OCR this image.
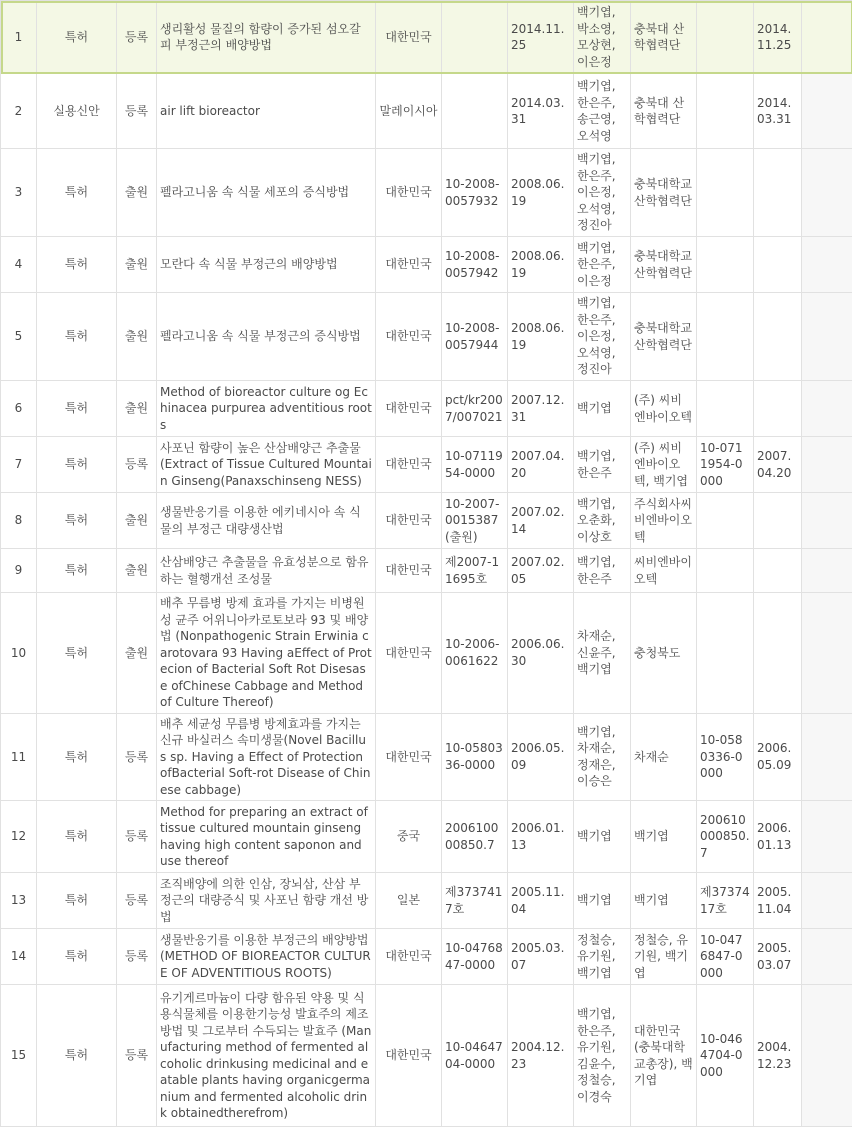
1	특허	등록	생리활성 물질의 함량이 증가된 섬오갈피 부정근의 배양방법	대한민국		2014.11.25	백기엽, 박소영, 모상현, 이은정	충북대 산학협력단		2014.11.25	
2	실용신안	등록	air lift bioreactor	말레이시아		2014.03.31	백기엽, 한은주, 송근영, 오석영	충북대 산학협력단		2014.03.31	
3	특허	출원	펠라고니움 속 식물 세포의 증식방법	대한민국	10-2008-0057932	2008.06.19	백기엽, 한은주, 이은정, 오석영, 정진아	충북대학교 산학협력단			
4	특허	출원	모란다 속 식물 부정근의 배양방법	대한민국	10-2008-0057942	2008.06.19	백기엽, 한은주, 이은정	충북대학교 산학협력단			
5	특허	출원	펠라고니움 속 식물 부정근의 증식방법	대한민국	10-2008-0057944	2008.06.19	백기엽, 한은주, 이은정, 오석영, 정진아	충북대학교 산학협력단			
6	특허	출원	Method of bioreactor culture og Echinacea purpurea adventitious roots	대한민국	pct/kr2007/007021	2007.12.31	백기엽	(주) 씨비엔바이오텍			
7	특허	등록	사포닌 함량이 높은 산삼배양근 추출물 (Extract of Tissue Cultured Mountain Ginseng(Panaxschinseng NESS)	대한민국	10-0711954-0000	2007.04.20	백기엽, 한은주	(주) 씨비엔바이오텍, 백기엽	10-0711954-0000	2007.04.20	
8	특허	출원	생물반응기를 이용한 에키네시아 속 식물의 부정근 대량생산법	대한민국	10-2007-0015387(출원)	2007.02.14	백기엽, 오춘화, 이상호	주식회사씨비엔바이오텍			
9	특허	출원	산삼배양근 추출물을 유효성분으로 함유하는 혈행개선 조성물	대한민국	제2007-11695호	2007.02.05	백기엽, 한은주	씨비엔바이오텍			
10	특허	출원	배추 무름병 방제 효과를 가지는 비병원성 균주 어위니아카로토보라 93 및 배양법 (Nonpathogenic Strain Erwinia carotovara 93 Having aEffect of Protecion of Bacterial Soft Rot Disesase ofChinese Cabbage and Method of Culture Thereof)	대한민국	10-2006-0061622	2006.06.30	차재순, 신윤주, 백기엽	충청북도			
11	특허	등록	배추 세균성 무름병 방제효과를 가지는 신규 바실러스 속미생물(Novel Bacillus sp. Having a Effect of Protection ofBacterial Soft-rot Disease of Chinese cabbage)	대한민국	10-0580336-0000	2006.05.09	백기엽, 차재순, 정재은, 이승은	차재순	10-0580336-0000	2006.05.09	
12	특허	등록	Method for preparing an extract of tissue cultured mountain ginseng having high content saponon and use thereof	중국	200610000850.7	2006.01.13	백기엽	백기엽	200610000850.7	2006.01.13	
13	특허	등록	조직배양에 의한 인삼, 장뇌삼, 산삼 부정근의 대량증식 및 사포닌 함량 개선 방법	일본	제3737417호	2005.11.04	백기엽	백기엽	제3737417호	2005.11.04	
14	특허	등록	생물반응기를 이용한 부정근의 배양방법 (METHOD OF BIOREACTOR CULTURE OF ADVENTITIOUS ROOTS)	대한민국	10-0476847-0000	2005.03.07	정철승, 유기원, 백기엽	정철승, 유기원, 백기엽	10-0476847-0000	2005.03.07	
15	특허	등록	유기게르마늄이 다량 함유된 약용 및 식용식물체를 이용한기능성 발효주의 제조방법 및 그로부터 수득되는 발효주 (Manufacturing method of fermented alcoholic drinkusing medicinal and eatable plants having organicgermanium and fermented alcoholic drink obtainedtherefrom)	대한민국	10-0464704-0000	2004.12.23	백기엽, 한은주, 유기원, 김윤수, 정철승, 이경숙	대한민국(충북대학교총장), 백기엽	10-0464704-0000	2004.12.23	
